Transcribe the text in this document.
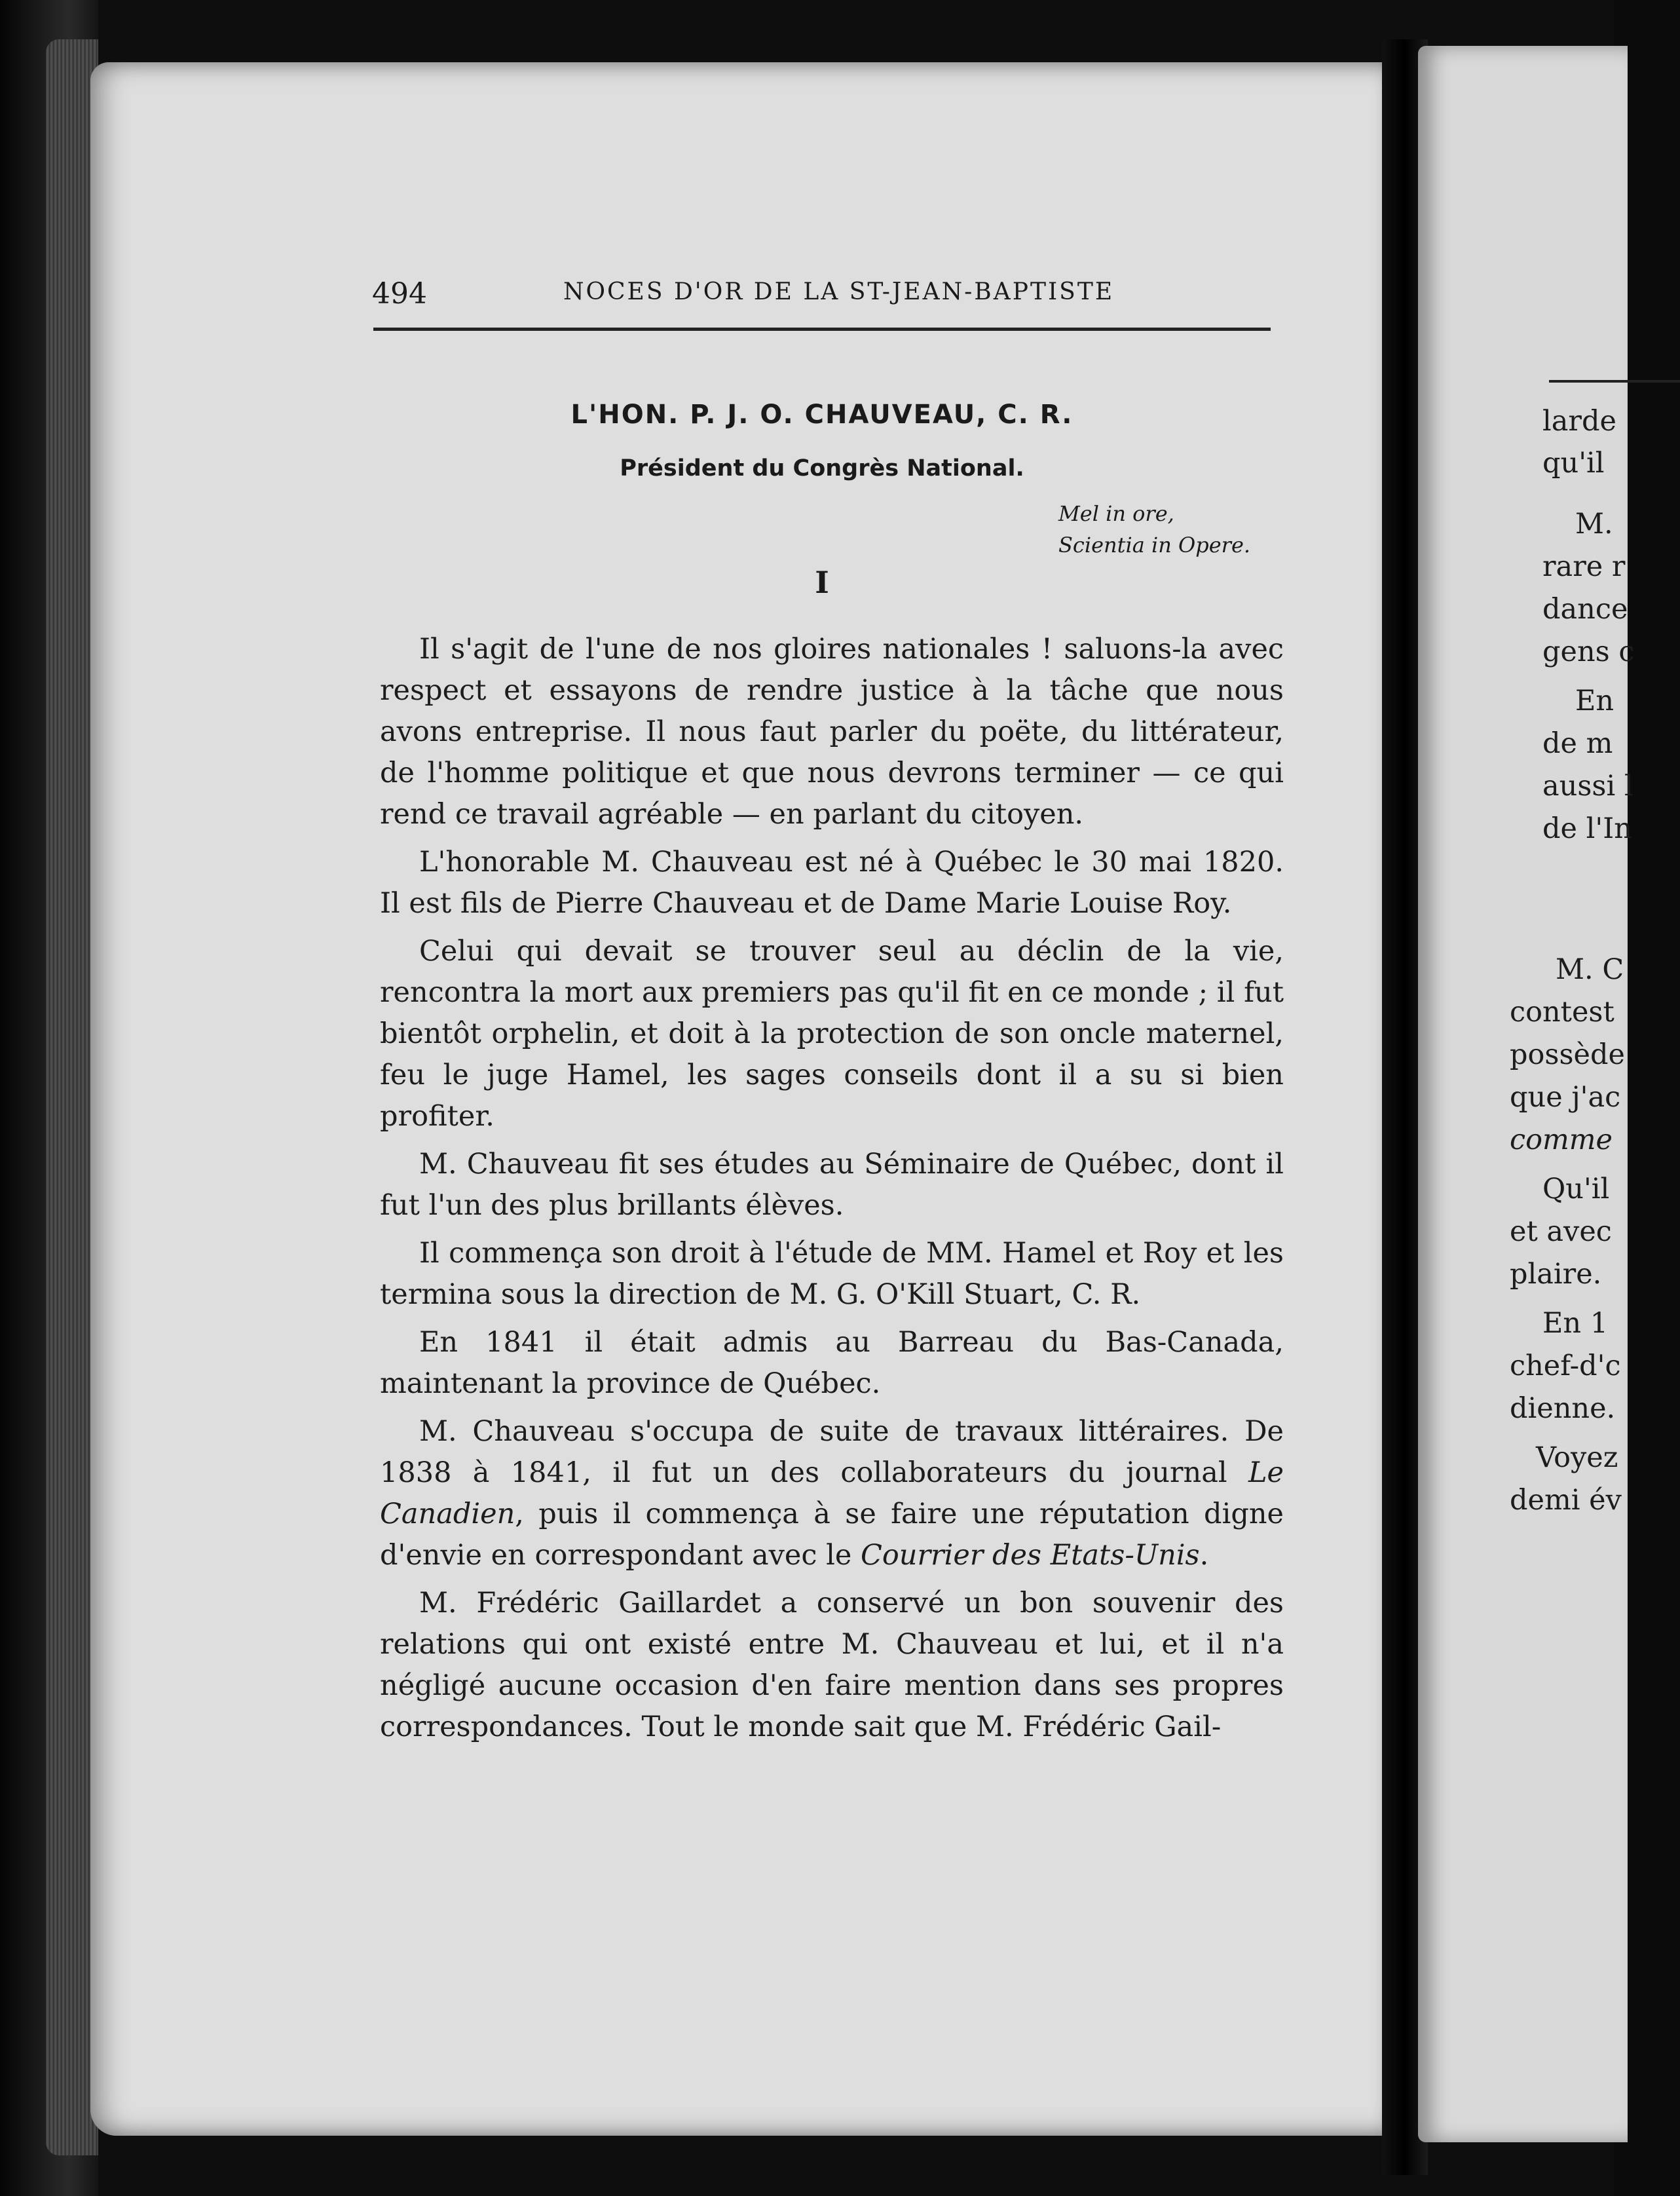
494	NOCES D'OR DE LA ST-JEAN-BAPTISTE
L'HON. P. J. O. CHAUVEAU, C. R.
Président du Congrès National.
Mel in ore,
Scientia in Opere.
I

Il s'agit de l'une de nos gloires nationales ! saluons-la avec respect et essayons de rendre justice à la tâche que nous avons entreprise. Il nous faut parler du poëte, du littérateur, de l'homme politique et que nous devrons terminer — ce qui rend ce travail agréable — en parlant du citoyen.

L'honorable M. Chauveau est né à Québec le 30 mai 1820. Il est fils de Pierre Chauveau et de Dame Marie Louise Roy.

Celui qui devait se trouver seul au déclin de la vie, rencontra la mort aux premiers pas qu'il fit en ce monde ; il fut bientôt orphelin, et doit à la protection de son oncle maternel, feu le juge Hamel, les sages conseils dont il a su si bien profiter.

M. Chauveau fit ses études au Séminaire de Québec, dont il fut l'un des plus brillants élèves.

Il commença son droit à l'étude de MM. Hamel et Roy et les termina sous la direction de M. G. O'Kill Stuart, C. R.

En 1841 il était admis au Barreau du Bas-Canada, maintenant la province de Québec.

M. Chauveau s'occupa de suite de travaux littéraires. De 1838 à 1841, il fut un des collaborateurs du journal Le Canadien, puis il commença à se faire une réputation digne d'envie en correspondant avec le Courrier des Etats-Unis.

M. Frédéric Gaillardet a conservé un bon souvenir des relations qui ont existé entre M. Chauveau et lui, et il n'a négligé aucune occasion d'en faire mention dans ses propres correspondances. Tout le monde sait que M. Frédéric Gail-

larde
qu'il
M.
rare r
dance
gens c
En
de m
aussi l
de l'In
M. C
contest
possède
que j'ac
comme
Qu'il
et avec
plaire.
En 1
chef-d'c
dienne.
Voyez
demi év
